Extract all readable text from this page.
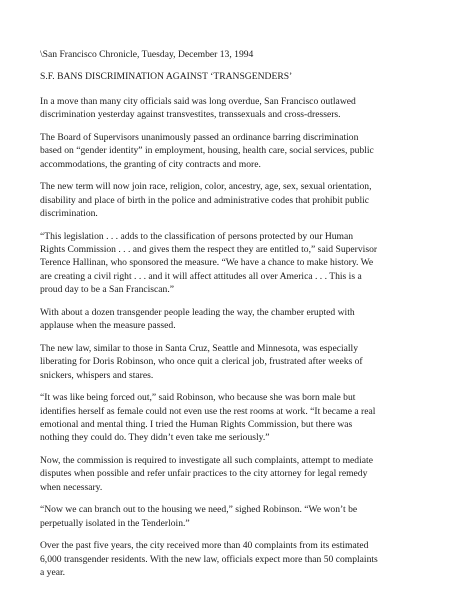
\San Francisco Chronicle, Tuesday, December 13, 1994
S.F. BANS DISCRIMINATION AGAINST ‘TRANSGENDERS’
In a move than many city officials said was long overdue, San Francisco outlawed
discrimination yesterday against transvestites, transsexuals and cross-dressers.
The Board of Supervisors unanimously passed an ordinance barring discrimination
based on “gender identity” in employment, housing, health care, social services, public
accommodations, the granting of city contracts and more.
The new term will now join race, religion, color, ancestry, age, sex, sexual orientation,
disability and place of birth in the police and administrative codes that prohibit public
discrimination.
“This legislation . . . adds to the classification of persons protected by our Human
Rights Commission . . . and gives them the respect they are entitled to,” said Supervisor
Terence Hallinan, who sponsored the measure. “We have a chance to make history. We
are creating a civil right . . . and it will affect attitudes all over America . . . This is a
proud day to be a San Franciscan.”
With about a dozen transgender people leading the way, the chamber erupted with
applause when the measure passed.
The new law, similar to those in Santa Cruz, Seattle and Minnesota, was especially
liberating for Doris Robinson, who once quit a clerical job, frustrated after weeks of
snickers, whispers and stares.
“It was like being forced out,” said Robinson, who because she was born male but
identifies herself as female could not even use the rest rooms at work. “It became a real
emotional and mental thing. I tried the Human Rights Commission, but there was
nothing they could do. They didn’t even take me seriously.”
Now, the commission is required to investigate all such complaints, attempt to mediate
disputes when possible and refer unfair practices to the city attorney for legal remedy
when necessary.
“Now we can branch out to the housing we need,” sighed Robinson. “We won’t be
perpetually isolated in the Tenderloin.”
Over the past five years, the city received more than 40 complaints from its estimated
6,000 transgender residents. With the new law, officials expect more than 50 complaints
a year.
